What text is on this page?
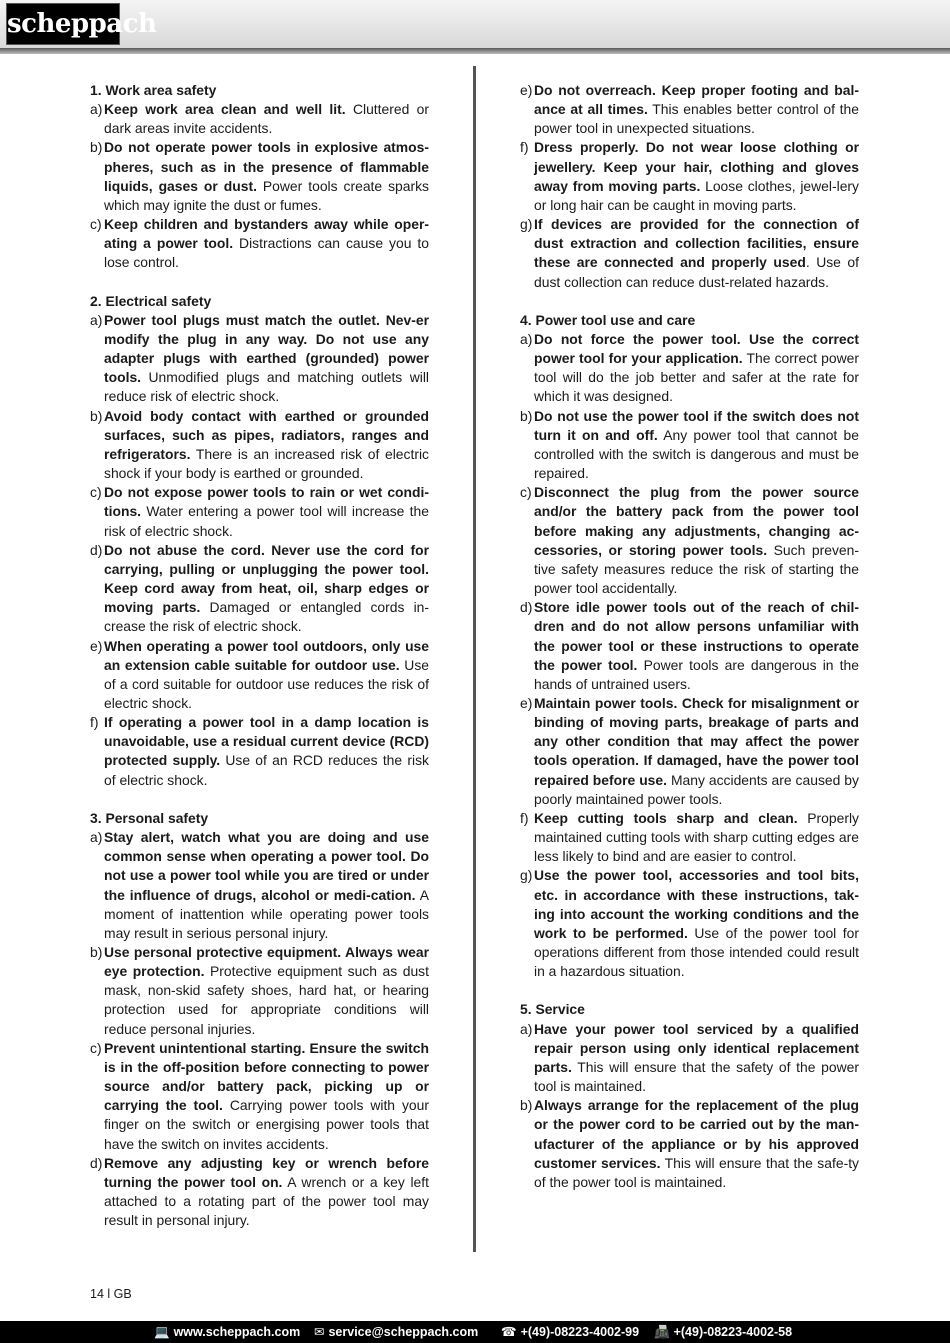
scheppach
1. Work area safety
a) Keep work area clean and well lit. Cluttered or dark areas invite accidents.
b) Do not operate power tools in explosive atmos-pheres, such as in the presence of flammable liquids, gases or dust. Power tools create sparks which may ignite the dust or fumes.
c) Keep children and bystanders away while oper-ating a power tool. Distractions can cause you to lose control.
2. Electrical safety
a) Power tool plugs must match the outlet. Nev-er modify the plug in any way. Do not use any adapter plugs with earthed (grounded) power tools. Unmodified plugs and matching outlets will reduce risk of electric shock.
b) Avoid body contact with earthed or grounded surfaces, such as pipes, radiators, ranges and refrigerators. There is an increased risk of electric shock if your body is earthed or grounded.
c) Do not expose power tools to rain or wet condi-tions. Water entering a power tool will increase the risk of electric shock.
d) Do not abuse the cord. Never use the cord for carrying, pulling or unplugging the power tool. Keep cord away from heat, oil, sharp edges or moving parts. Damaged or entangled cords in-crease the risk of electric shock.
e) When operating a power tool outdoors, only use an extension cable suitable for outdoor use. Use of a cord suitable for outdoor use reduces the risk of electric shock.
f) If operating a power tool in a damp location is unavoidable, use a residual current device (RCD) protected supply. Use of an RCD reduces the risk of electric shock.
3. Personal safety
a) Stay alert, watch what you are doing and use common sense when operating a power tool. Do not use a power tool while you are tired or under the influence of drugs, alcohol or medi-cation. A moment of inattention while operating power tools may result in serious personal injury.
b) Use personal protective equipment. Always wear eye protection. Protective equipment such as dust mask, non-skid safety shoes, hard hat, or hearing protection used for appropriate conditions will reduce personal injuries.
c) Prevent unintentional starting. Ensure the switch is in the off-position before connecting to power source and/or battery pack, picking up or carrying the tool. Carrying power tools with your finger on the switch or energising power tools that have the switch on invites accidents.
d) Remove any adjusting key or wrench before turning the power tool on. A wrench or a key left attached to a rotating part of the power tool may result in personal injury.
e) Do not overreach. Keep proper footing and bal-ance at all times. This enables better control of the power tool in unexpected situations.
f) Dress properly. Do not wear loose clothing or jewellery. Keep your hair, clothing and gloves away from moving parts. Loose clothes, jewel-lery or long hair can be caught in moving parts.
g) If devices are provided for the connection of dust extraction and collection facilities, ensure these are connected and properly used. Use of dust collection can reduce dust-related hazards.
4. Power tool use and care
a) Do not force the power tool. Use the correct power tool for your application. The correct power tool will do the job better and safer at the rate for which it was designed.
b) Do not use the power tool if the switch does not turn it on and off. Any power tool that cannot be controlled with the switch is dangerous and must be repaired.
c) Disconnect the plug from the power source and/or the battery pack from the power tool before making any adjustments, changing ac-cessories, or storing power tools. Such preven-tive safety measures reduce the risk of starting the power tool accidentally.
d) Store idle power tools out of the reach of chil-dren and do not allow persons unfamiliar with the power tool or these instructions to operate the power tool. Power tools are dangerous in the hands of untrained users.
e) Maintain power tools. Check for misalignment or binding of moving parts, breakage of parts and any other condition that may affect the power tools operation. If damaged, have the power tool repaired before use. Many accidents are caused by poorly maintained power tools.
f) Keep cutting tools sharp and clean. Properly maintained cutting tools with sharp cutting edges are less likely to bind and are easier to control.
g) Use the power tool, accessories and tool bits, etc. in accordance with these instructions, tak-ing into account the working conditions and the work to be performed. Use of the power tool for operations different from those intended could result in a hazardous situation.
5. Service
a) Have your power tool serviced by a qualified repair person using only identical replacement parts. This will ensure that the safety of the power tool is maintained.
b) Always arrange for the replacement of the plug or the power cord to be carried out by the man-ufacturer of the appliance or by his approved customer services. This will ensure that the safe-ty of the power tool is maintained.
14 l GB
💻 www.scheppach.com ✉ service@scheppach.com ☎ +(49)-08223-4002-99 📠 +(49)-08223-4002-58
